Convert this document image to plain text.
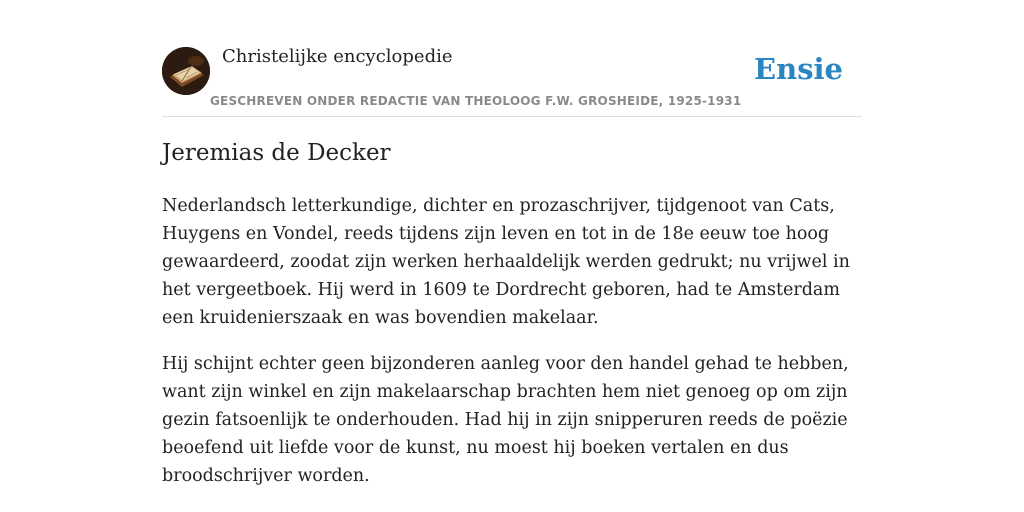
Christelijke encyclopedie
GESCHREVEN ONDER REDACTIE VAN THEOLOOG F.W. GROSHEIDE, 1925-1931
Ensie
Jeremias de Decker

Nederlandsch letterkundige, dichter en prozaschrijver, tijdgenoot van Cats, Huygens en Vondel, reeds tijdens zijn leven en tot in de 18e eeuw toe hoog gewaardeerd, zoodat zijn werken herhaaldelijk werden gedrukt; nu vrijwel in het vergeetboek. Hij werd in 1609 te Dordrecht geboren, had te Amsterdam een kruidenierszaak en was bovendien makelaar.

Hij schijnt echter geen bijzonderen aanleg voor den handel gehad te hebben, want zijn winkel en zijn makelaarschap brachten hem niet genoeg op om zijn gezin fatsoenlijk te onderhouden. Had hij in zijn snipperuren reeds de poëzie beoefend uit liefde voor de kunst, nu moest hij boeken vertalen en dus broodschrijver worden.
